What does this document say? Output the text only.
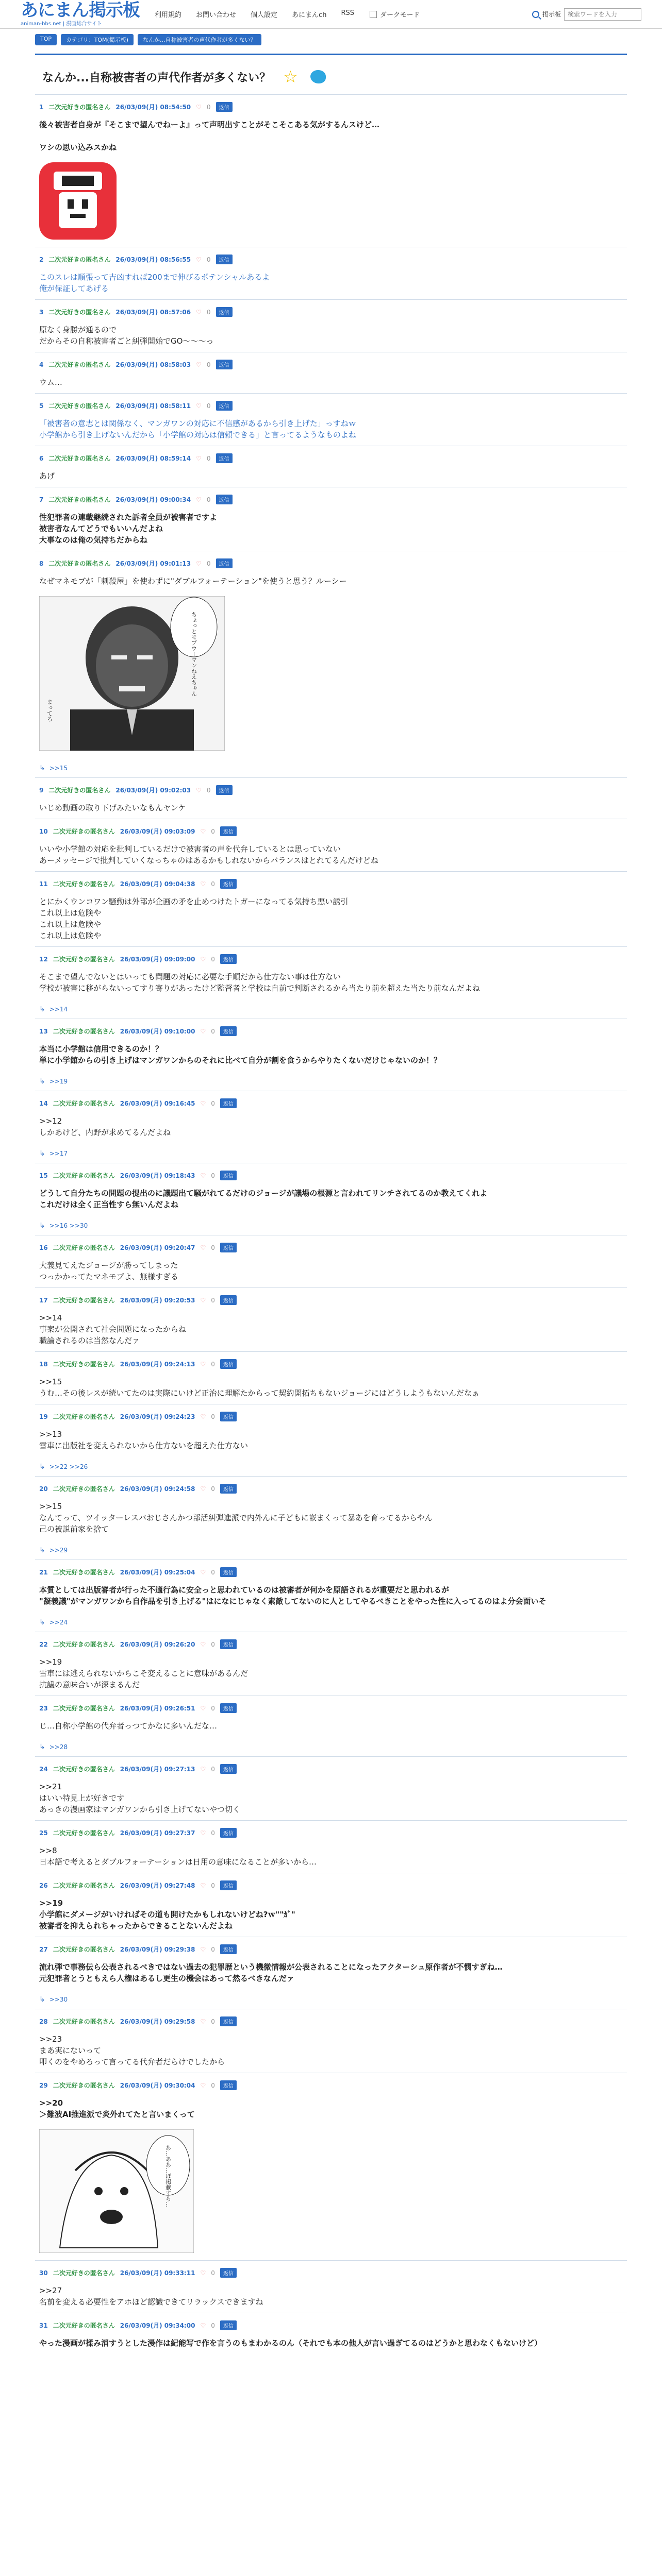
あにまん掲示板
animan-bbs.net | 漫画総合サイト
利用規約 お問い合わせ 個人設定 あにまんch RSS	ダークモード	掲示板
検索ワードを入力
TOP	カテゴリ：TOM(掲示板)	なんか...自称被害者の声代作者が多くない？
なんか...自称被害者の声代作者が多くない？ ☆
1 二次元好きの匿名さん 26/03/09(月) 08:54:50 ♡ 0	返信
後々被害者自身が『そこまで望んでねーよ』って声明出すことがそこそこある気がするんスけど…

ワシの思い込みスかね
2 二次元好きの匿名さん 26/03/09(月) 08:56:55 ♡ 0	返信
このスレは順張って吉凶すれば200まで伸びるポテンシャルあるよ
俺が保証してあげる
3 二次元好きの匿名さん 26/03/09(月) 08:57:06 ♡ 0	返信
原なく身勝が通るので
だからその自称被害者ごと糾弾開始でGO～～～っ
4 二次元好きの匿名さん 26/03/09(月) 08:58:03 ♡ 0	返信
ウム…
5 二次元好きの匿名さん 26/03/09(月) 08:58:11 ♡ 0	返信
「被害者の意志とは関係なく、マンガワンの対応に不信感があるから引き上げた」っすねｗ
小学館から引き上げないんだから「小学館の対応は信頼できる」と言ってるようなものよね
6 二次元好きの匿名さん 26/03/09(月) 08:59:14 ♡ 0	返信
あげ
7 二次元好きの匿名さん 26/03/09(月) 09:00:34 ♡ 0	返信
性犯罪者の連載継続された訴者全員が被害者ですよ
被害者なんてどうでもいいんだよね
大事なのは俺の気持ちだからね
8 二次元好きの匿名さん 26/03/09(月) 09:01:13 ♡ 0	返信
なぜマネモブが「刺殺屋」を使わずに"ダブルフォーテーション"を使うと思う？ルーシー
ちょっとモブウーマンねえちゃん
まってろ
↳ >>15
9 二次元好きの匿名さん 26/03/09(月) 09:02:03 ♡ 0	返信
いじめ動画の取り下げみたいなもんヤンケ
10 二次元好きの匿名さん 26/03/09(月) 09:03:09 ♡ 0	返信
いいや小学館の対応を批判しているだけで被害者の声を代弁しているとは思っていない
あーメッセージで批判していくなっちゃのはあるかもしれないからバランスはとれてるんだけどね
11 二次元好きの匿名さん 26/03/09(月) 09:04:38 ♡ 0	返信
とにかくウンコワン騒動は外部が企画の矛を止めつけたトガーになってる気持ち悪い誘引
これ以上は危険や
これ以上は危険や
これ以上は危険や
12 二次元好きの匿名さん 26/03/09(月) 09:09:00 ♡ 0	返信
そこまで望んでないとはいっても問題の対応に必要な手順だから仕方ない事は仕方ない
学校が被害に移がらないってすり寄りがあったけど監督者と学校は自前で判断されるから当たり前を超えた当たり前なんだよね
↳ >>14
13 二次元好きの匿名さん 26/03/09(月) 09:10:00 ♡ 0	返信
本当に小学館は信用できるのか！？
単に小学館からの引き上げはマンガワンからのそれに比べて自分が割を食うからやりたくないだけじゃないのか！？
↳ >>19
14 二次元好きの匿名さん 26/03/09(月) 09:16:45 ♡ 0	返信
>>12
しかあけど、内野が求めてるんだよね
↳ >>17
15 二次元好きの匿名さん 26/03/09(月) 09:18:43 ♡ 0	返信
どうして自分たちの問題の提出のに議題出て騒がれてるだけのジョージが議場の根源と言われてリンチされてるのか教えてくれよ
これだけは全く正当性すら無いんだよね
↳ >>16 >>30
16 二次元好きの匿名さん 26/03/09(月) 09:20:47 ♡ 0	返信
大義見てえたジョージが勝ってしまった
つっかかってたマネモブよ、無様すぎる
17 二次元好きの匿名さん 26/03/09(月) 09:20:53 ♡ 0	返信
>>14
事案が公開されて社会問題になったからね
職論されるのは当然なんだァ
18 二次元好きの匿名さん 26/03/09(月) 09:24:13 ♡ 0	返信
>>15
うむ…その後レスが続いてたのは実際にいけど正治に理解たからって契約開拓ちもないジョージにはどうしようもないんだなぁ
19 二次元好きの匿名さん 26/03/09(月) 09:24:23 ♡ 0	返信
>>13
雪車に出版社を変えられないから仕方ないを超えた仕方ない
↳ >>22 >>26
20 二次元好きの匿名さん 26/03/09(月) 09:24:58 ♡ 0	返信
>>15
なんてって、ツイッターレスバおじさんかつ部活糾弾進派で内外んに子どもに嵌まくって暴あを育ってるからやん
己の被説前家を捨て
↳ >>29
21 二次元好きの匿名さん 26/03/09(月) 09:25:04 ♡ 0	返信
本質としては出版審者が行った不適行為に安全っと思われているのは被審者が何かを原語されるが重要だと思われるが
"凝義議"がマンガワンから自作品を引き上げる"はになにじゃなく素敵してないのに人としてやるべきことをやった性に入ってるのはよ分会面いそ
↳ >>24
22 二次元好きの匿名さん 26/03/09(月) 09:26:20 ♡ 0	返信
>>19
雪車には逃えられないからこそ変えることに意味があるんだ
抗議の意味合いが深まるんだ
23 二次元好きの匿名さん 26/03/09(月) 09:26:51 ♡ 0	返信
じ…自称小学館の代弁者っつてかなに多いんだな…
↳ >>28
24 二次元好きの匿名さん 26/03/09(月) 09:27:13 ♡ 0	返信
>>21
はいい特見上が好きです
あっきの漫画家はマンガワンから引き上げてないやつ切く
25 二次元好きの匿名さん 26/03/09(月) 09:27:37 ♡ 0	返信
>>8
日本語で考えるとダブルフォーテーションは日用の意味になることが多いから…
26 二次元好きの匿名さん 26/03/09(月) 09:27:48 ♡ 0	返信
>>19
小学館にダメージがいければその道も開けたかもしれないけどね?ｗ""ｶﾞ"
被審者を抑えられちゃったからできることないんだよね
27 二次元好きの匿名さん 26/03/09(月) 09:29:38 ♡ 0	返信
流れ弾で事務伝ら公表されるべきではない過去の犯罪歴という機微情報が公表されることになったアクターシュ原作者が不憫すぎね…
元犯罪者とうともえら人権はあるし更生の機会はあって然るべきなんだァ
↳ >>30
28 二次元好きの匿名さん 26/03/09(月) 09:29:58 ♡ 0	返信
>>23
まあ実にないって
叩くのをやめろって言ってる代弁者だらけでしたから
29 二次元好きの匿名さん 26/03/09(月) 09:30:04 ♡ 0	返信
>>20
＞難波AI推進派で炎外れてたと言いまくって
あ…ああ…ぼ掲載すら…
30 二次元好きの匿名さん 26/03/09(月) 09:33:11 ♡ 0	返信
>>27
名前を変える必要性をアホほど認識できてリラックスできますね
31 二次元好きの匿名さん 26/03/09(月) 09:34:00 ♡ 0	返信
やった漫画が揉み消すうとした漫作は紀能写で作を言うのもまわかるのん（それでも本の他人が言い過ぎてるのはどうかと思わなくもないけど）
